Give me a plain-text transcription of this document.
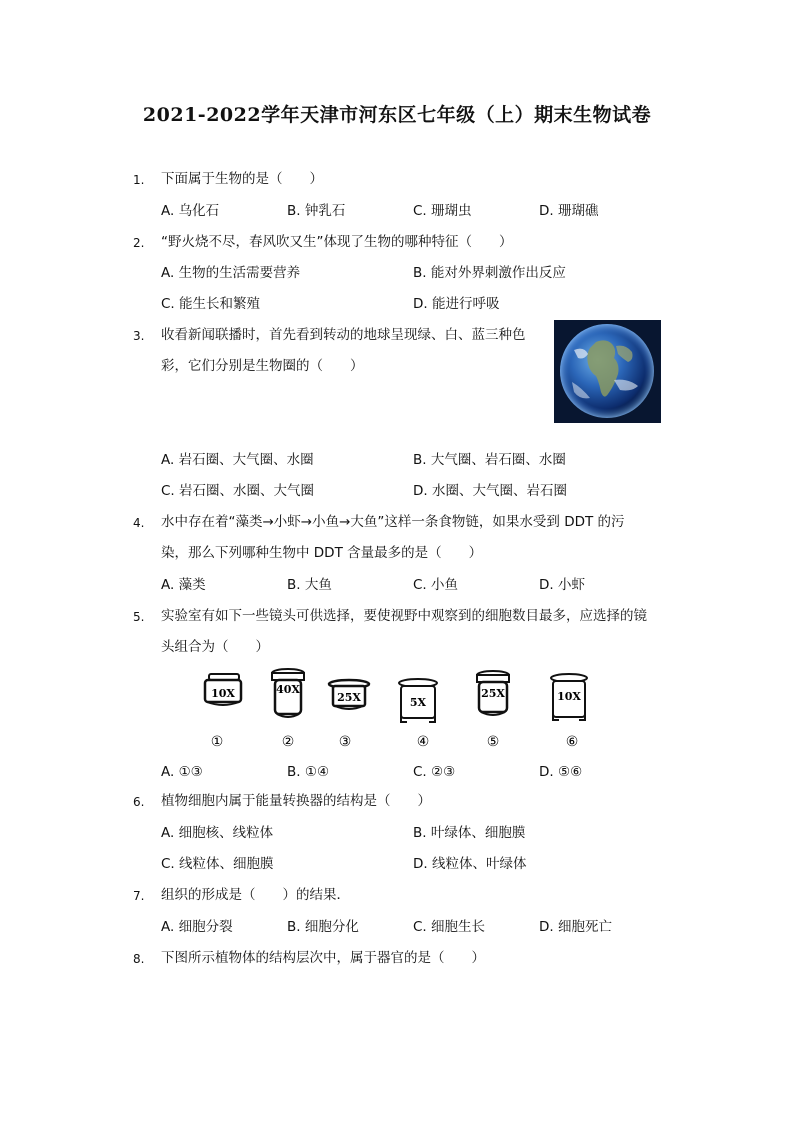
2021-2022学年天津市河东区七年级（上）期末生物试卷
1. 下面属于生物的是（　　）
A. 乌化石	B. 钟乳石	C. 珊瑚虫	D. 珊瑚礁
2. “野火烧不尽，春风吹又生”体现了生物的哪种特征（　　）
A. 生物的生活需要营养	B. 能对外界刺激作出反应
C. 能生长和繁殖	D. 能进行呼吸
3. 收看新闻联播时，首先看到转动的地球呈现绿、白、蓝三种色
彩，它们分别是生物圈的（　　）
A. 岩石圈、大气圈、水圈	B. 大气圈、岩石圈、水圈
C. 岩石圈、水圈、大气圈	D. 水圈、大气圈、岩石圈
4. 水中存在着“藻类→小虾→小鱼→大鱼”这样一条食物链，如果水受到 DDT 的污
染，那么下列哪种生物中 DDT 含量最多的是（　　）
A. 藻类	B. 大鱼	C. 小鱼	D. 小虾
5. 实验室有如下一些镜头可供选择，要使视野中观察到的细胞数目最多，应选择的镜
头组合为（　　）
10X
①
40X
②
25X
③
5X
④
25X
⑤
10X
⑥
A. ①③	B. ①④	C. ②③	D. ⑤⑥
6. 植物细胞内属于能量转换器的结构是（　　）
A. 细胞核、线粒体	B. 叶绿体、细胞膜
C. 线粒体、细胞膜	D. 线粒体、叶绿体
7. 组织的形成是（　　）的结果．
A. 细胞分裂	B. 细胞分化	C. 细胞生长	D. 细胞死亡
8. 下图所示植物体的结构层次中，属于器官的是（　　）
